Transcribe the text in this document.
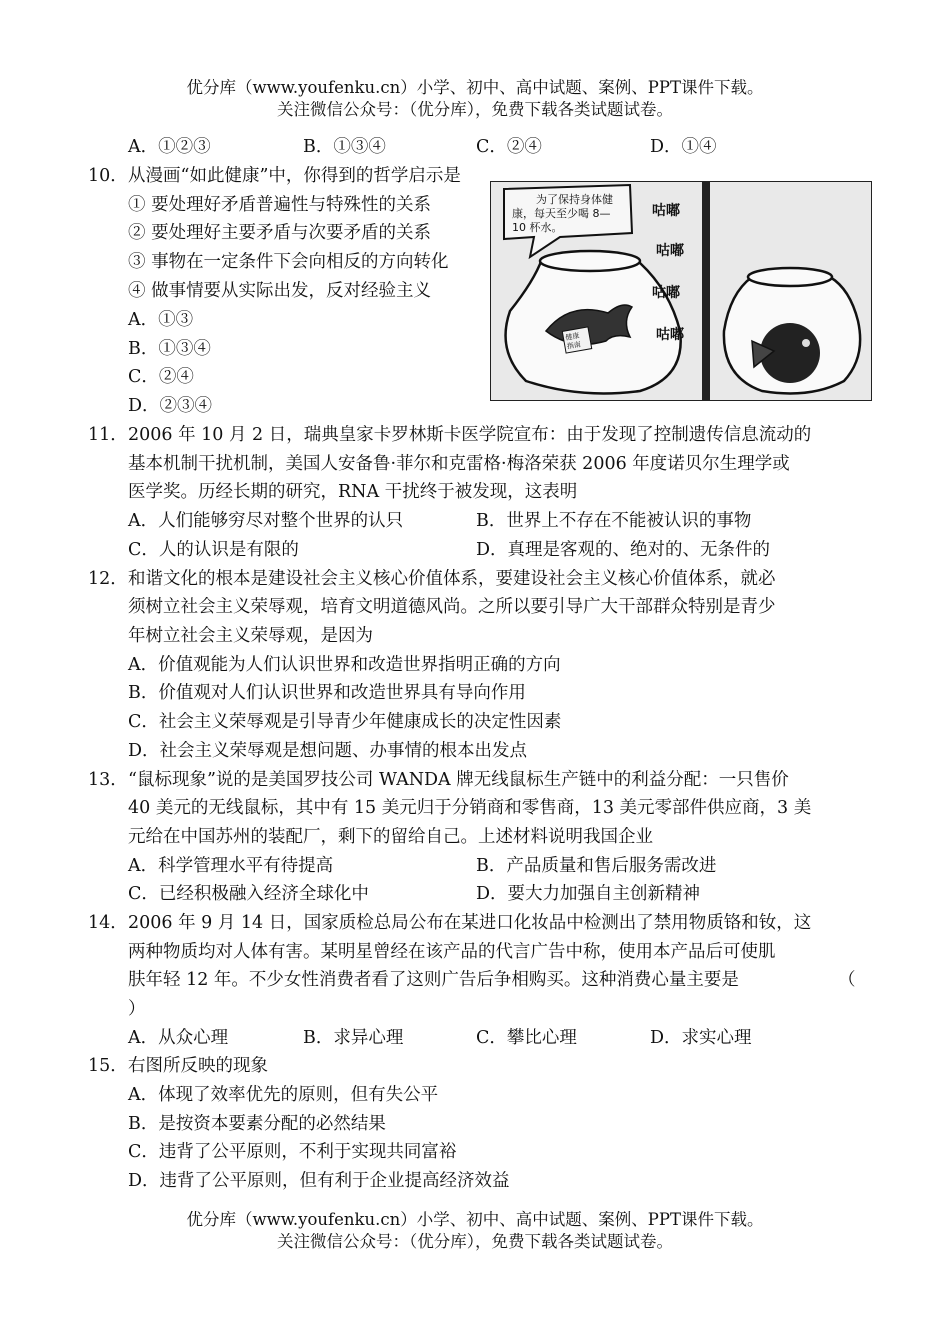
优分库（www.youfenku.cn）小学、初中、高中试题、案例、PPT课件下载。
关注微信公众号：（优分库），免费下载各类试题试卷。
A．①②③	B．①③④	C．②④	D．①④
10． 从漫画“如此健康”中，你得到的哲学启示是
① 要处理好矛盾普遍性与特殊性的关系
② 要处理好主要矛盾与次要矛盾的关系
③ 事物在一定条件下会向相反的方向转化
④ 做事情要从实际出发，反对经验主义
A．①③
B．①③④
C．②④
D．②③④
为了保持身体健
康，每天至少喝 8—
10 杯水。
健康
指南
咕嘟
咕嘟
咕嘟
咕嘟
11． 2006 年 10 月 2 日，瑞典皇家卡罗林斯卡医学院宣布：由于发现了控制遗传信息流动的
基本机制干扰机制，美国人安备鲁·菲尔和克雷格·梅洛荣获 2006 年度诺贝尔生理学或
医学奖。历经长期的研究，RNA 干扰终于被发现，这表明
A．人们能够穷尽对整个世界的认只	B．世界上不存在不能被认识的事物
C．人的认识是有限的	D．真理是客观的、绝对的、无条件的
12． 和谐文化的根本是建设社会主义核心价值体系，要建设社会主义核心价值体系，就必
须树立社会主义荣辱观，培育文明道德风尚。之所以要引导广大干部群众特别是青少
年树立社会主义荣辱观，是因为
A．价值观能为人们认识世界和改造世界指明正确的方向
B．价值观对人们认识世界和改造世界具有导向作用
C．社会主义荣辱观是引导青少年健康成长的决定性因素
D．社会主义荣辱观是想问题、办事情的根本出发点
13． “鼠标现象”说的是美国罗技公司 WANDA 牌无线鼠标生产链中的利益分配：一只售价
40 美元的无线鼠标，其中有 15 美元归于分销商和零售商，13 美元零部件供应商，3 美
元给在中国苏州的装配厂，剩下的留给自己。上述材料说明我国企业
A．科学管理水平有待提高	B．产品质量和售后服务需改进
C．已经积极融入经济全球化中	D．要大力加强自主创新精神
14． 2006 年 9 月 14 日，国家质检总局公布在某进口化妆品中检测出了禁用物质铬和钕，这
两种物质均对人体有害。某明星曾经在该产品的代言广告中称，使用本产品后可使肌
肤年轻 12 年。不少女性消费者看了这则广告后争相购买。这种消费心量主要是	（
）
A．从众心理	B．求异心理	C．攀比心理	D．求实心理
15． 右图所反映的现象
A．体现了效率优先的原则，但有失公平
B．是按资本要素分配的必然结果
C．违背了公平原则，不利于实现共同富裕
D．违背了公平原则，但有利于企业提高经济效益
优分库（www.youfenku.cn）小学、初中、高中试题、案例、PPT课件下载。
关注微信公众号：（优分库），免费下载各类试题试卷。
